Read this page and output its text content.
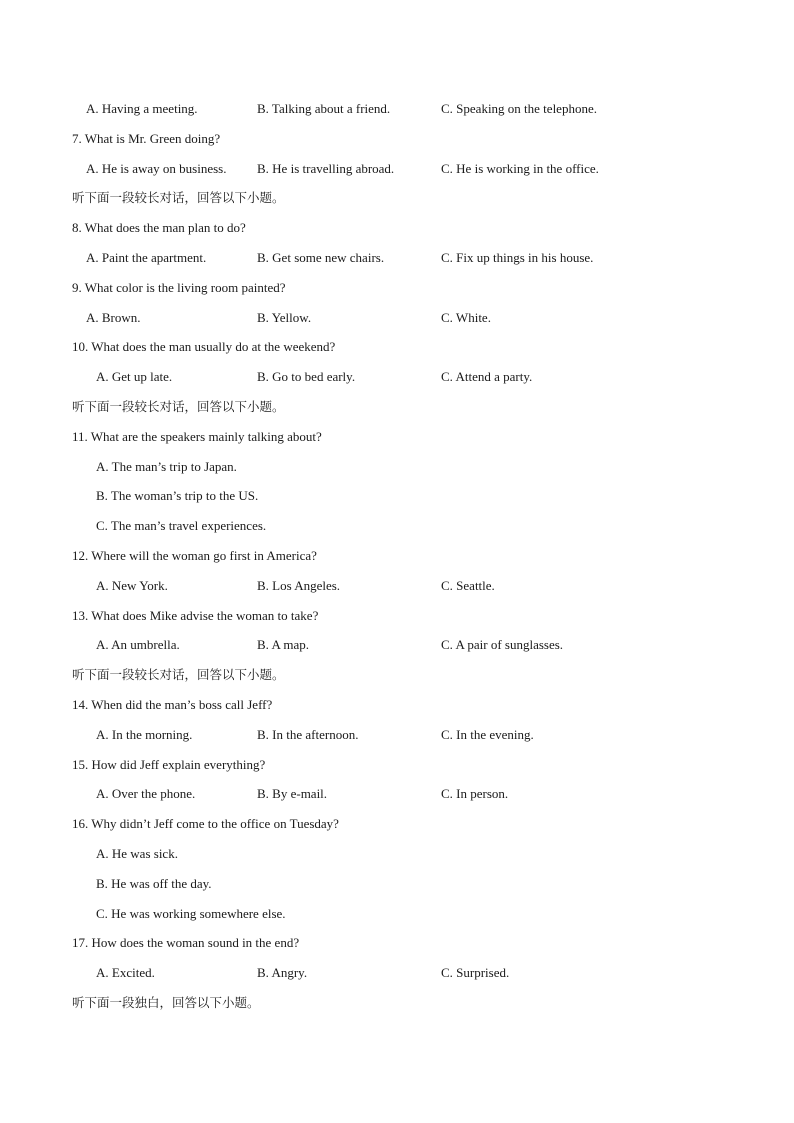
A. Having a meeting.	B. Talking about a friend.	C. Speaking on the telephone.
7. What is Mr. Green doing?
A. He is away on business. B. He is travelling abroad.	C. He is working in the office.
听下面一段较长对话，回答以下小题。
8. What does the man plan to do?
A. Paint the apartment.	B. Get some new chairs.	C. Fix up things in his house.
9. What color is the living room painted?
A. Brown.	B. Yellow.	C. White.
10. What does the man usually do at the weekend?
A. Get up late.	B. Go to bed early.	C. Attend a party.
听下面一段较长对话，回答以下小题。
11. What are the speakers mainly talking about?
A. The man’s trip to Japan.
B. The woman’s trip to the US.
C. The man’s travel experiences.
12. Where will the woman go first in America?
A. New York.	B. Los Angeles.	C. Seattle.
13. What does Mike advise the woman to take?
A. An umbrella.	B. A map.	C. A pair of sunglasses.
听下面一段较长对话，回答以下小题。
14. When did the man’s boss call Jeff?
A. In the morning.	B. In the afternoon.	C. In the evening.
15. How did Jeff explain everything?
A. Over the phone.	B. By e-mail.	C. In person.
16. Why didn’t Jeff come to the office on Tuesday?
A. He was sick.
B. He was off the day.
C. He was working somewhere else.
17. How does the woman sound in the end?
A. Excited.	B. Angry.	C. Surprised.
听下面一段独白，回答以下小题。
